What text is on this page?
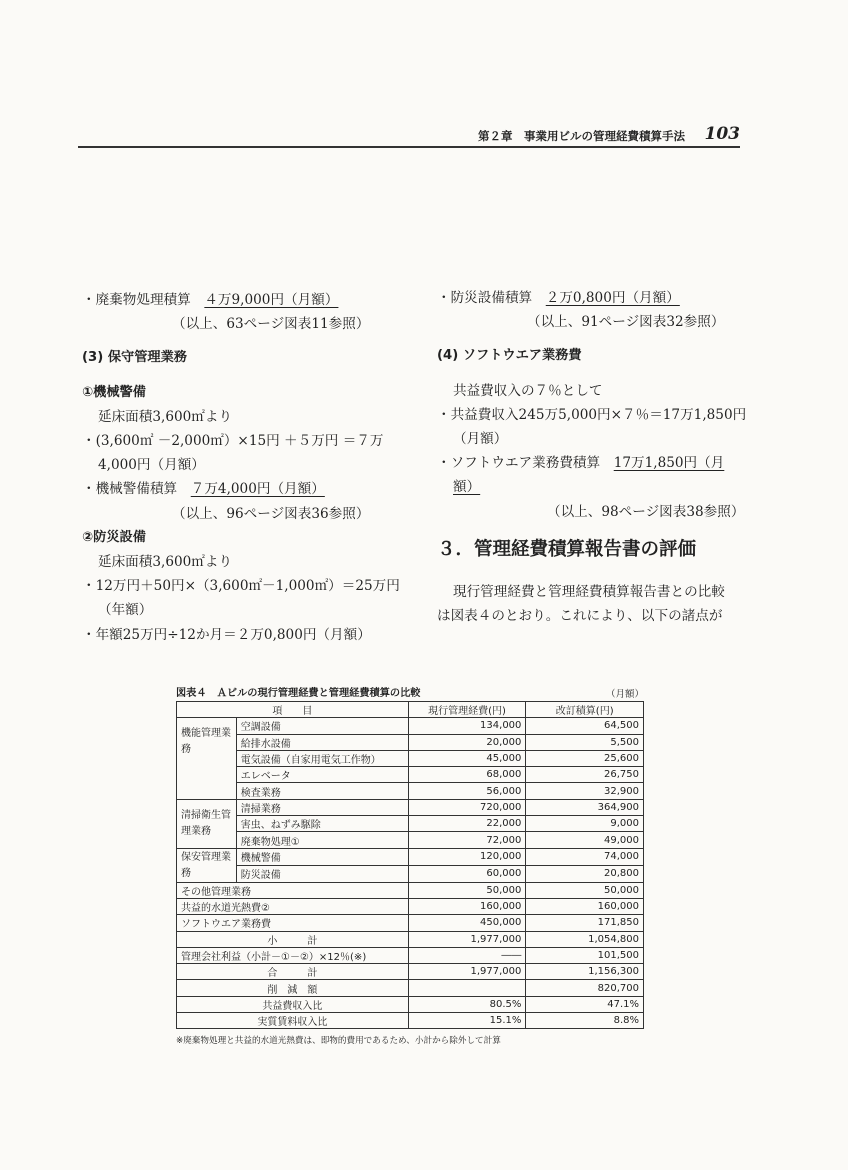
第２章　事業用ビルの管理経費積算手法 103
・廃棄物処理積算　４万9,000円（月額）
（以上、63ページ図表11参照）
(3) 保守管理業務
①機械警備
延床面積3,600㎡より
・(3,600㎡ －2,000㎡）×15円 ＋５万円 ＝７万
4,000円（月額）
・機械警備積算　７万4,000円（月額）
（以上、96ページ図表36参照）
②防災設備
延床面積3,600㎡より
・12万円＋50円×（3,600㎡－1,000㎡）＝25万円
（年額）
・年額25万円÷12か月＝２万0,800円（月額）
・防災設備積算　２万0,800円（月額）
（以上、91ページ図表32参照）
(4) ソフトウエア業務費
共益費収入の７％として
・共益費収入245万5,000円×７％＝17万1,850円
（月額）
・ソフトウエア業務費積算　17万1,850円（月
額）
（以上、98ページ図表38参照）
３．管理経費積算報告書の評価
現行管理経費と管理経費積算報告書との比較
は図表４のとおり。これにより、以下の諸点が
図表４　Ａビルの現行管理経費と管理経費積算の比較	（月額）
項　　目		現行管理経費(円)	改訂積算(円)
機能管理業務	空調設備	134,000	64,500
	給排水設備	20,000	5,500
	電気設備（自家用電気工作物）	45,000	25,600
	エレベータ	68,000	26,750
	検査業務	56,000	32,900
清掃衛生管理業務	清掃業務	720,000	364,900
	害虫、ねずみ駆除	22,000	9,000
	廃棄物処理①	72,000	49,000
保安管理業務	機械警備	120,000	74,000
	防災設備	60,000	20,800
その他管理業務		50,000	50,000
共益的水道光熱費②		160,000	160,000
ソフトウエア業務費		450,000	171,850
小　　　計		1,977,000	1,054,800
管理会社利益（小計－①－②）×12％(※)		――	101,500
合　　　計		1,977,000	1,156,300
削　減　額			820,700
共益費収入比		80.5%	47.1%
実質賃料収入比		15.1%	8.8%
※廃棄物処理と共益的水道光熱費は、即物的費用であるため、小計から除外して計算
